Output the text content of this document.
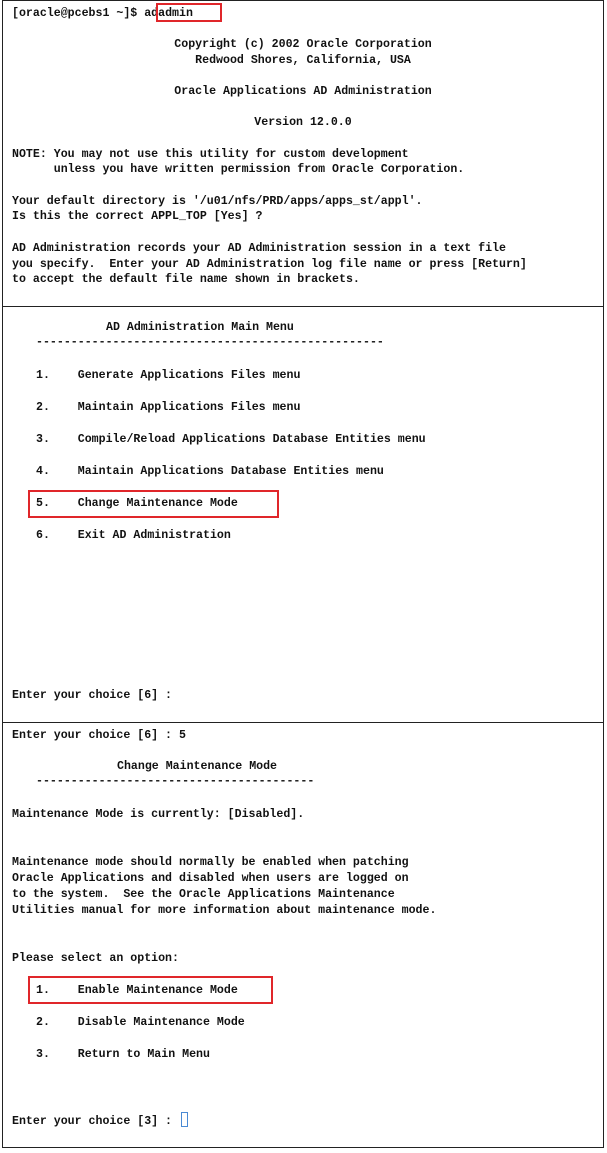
[oracle@pcebs1 ~]$ adadmin
Copyright (c) 2002 Oracle Corporation
Redwood Shores, California, USA
Oracle Applications AD Administration
Version 12.0.0
NOTE: You may not use this utility for custom development
unless you have written permission from Oracle Corporation.
Your default directory is '/u01/nfs/PRD/apps/apps_st/appl'.
Is this the correct APPL_TOP [Yes] ?
AD Administration records your AD Administration session in a text file
you specify.  Enter your AD Administration log file name or press [Return]
to accept the default file name shown in brackets.
AD Administration Main Menu
--------------------------------------------------
1. Generate Applications Files menu
2. Maintain Applications Files menu
3. Compile/Reload Applications Database Entities menu
4. Maintain Applications Database Entities menu
5. Change Maintenance Mode
6. Exit AD Administration
Enter your choice [6] :
Enter your choice [6] : 5
Change Maintenance Mode
----------------------------------------
Maintenance Mode is currently: [Disabled].
Maintenance mode should normally be enabled when patching
Oracle Applications and disabled when users are logged on
to the system.  See the Oracle Applications Maintenance
Utilities manual for more information about maintenance mode.
Please select an option:
1. Enable Maintenance Mode
2. Disable Maintenance Mode
3. Return to Main Menu
Enter your choice [3] :
